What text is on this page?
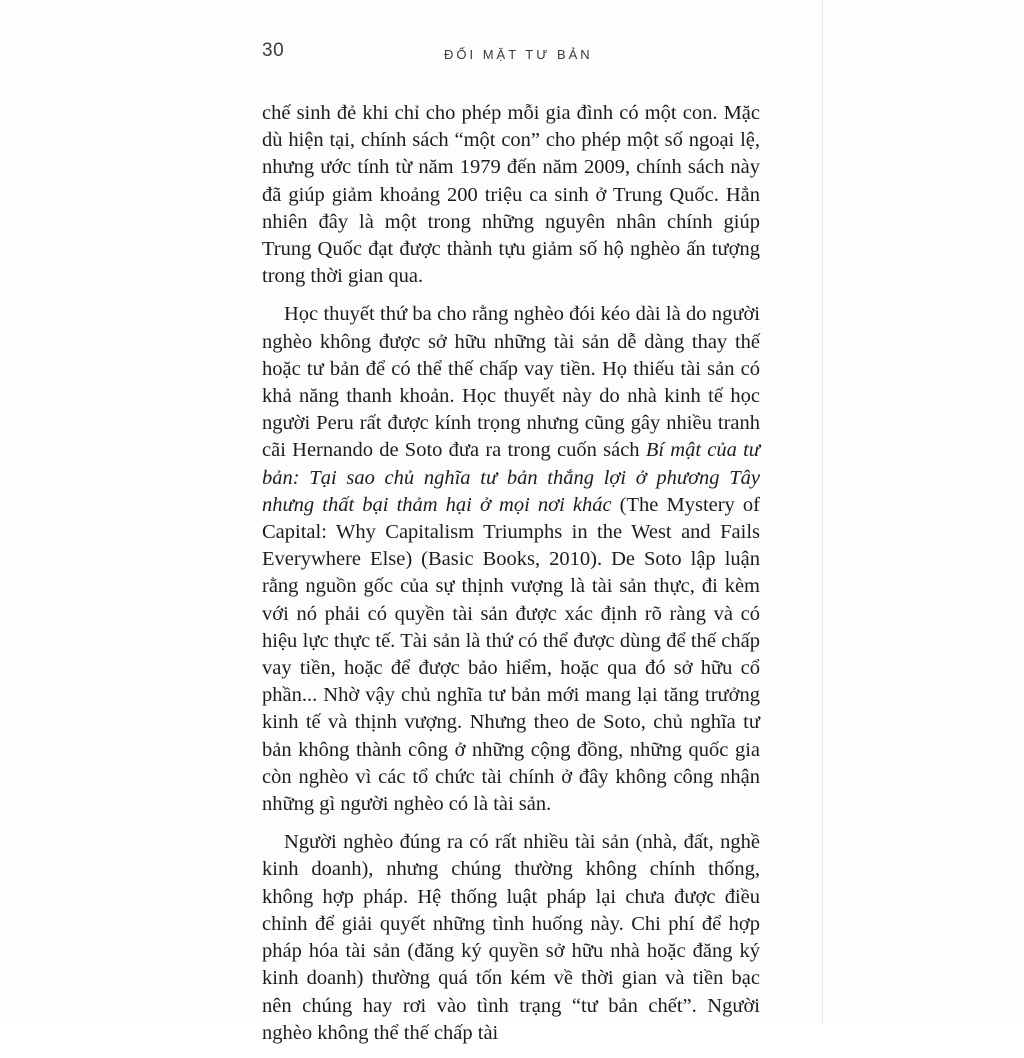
30	ĐỐI MẶT TƯ BẢN

chế sinh đẻ khi chỉ cho phép mỗi gia đình có một con. Mặc dù hiện tại, chính sách “một con” cho phép một số ngoại lệ, nhưng ước tính từ năm 1979 đến năm 2009, chính sách này đã giúp giảm khoảng 200 triệu ca sinh ở Trung Quốc. Hẳn nhiên đây là một trong những nguyên nhân chính giúp Trung Quốc đạt được thành tựu giảm số hộ nghèo ấn tượng trong thời gian qua.

Học thuyết thứ ba cho rằng nghèo đói kéo dài là do người nghèo không được sở hữu những tài sản dễ dàng thay thế hoặc tư bản để có thể thế chấp vay tiền. Họ thiếu tài sản có khả năng thanh khoản. Học thuyết này do nhà kinh tế học người Peru rất được kính trọng nhưng cũng gây nhiều tranh cãi Hernando de Soto đưa ra trong cuốn sách Bí mật của tư bản: Tại sao chủ nghĩa tư bản thắng lợi ở phương Tây nhưng thất bại thảm hại ở mọi nơi khác (The Mystery of Capital: Why Capitalism Triumphs in the West and Fails Everywhere Else) (Basic Books, 2010). De Soto lập luận rằng nguồn gốc của sự thịnh vượng là tài sản thực, đi kèm với nó phải có quyền tài sản được xác định rõ ràng và có hiệu lực thực tế. Tài sản là thứ có thể được dùng để thế chấp vay tiền, hoặc để được bảo hiểm, hoặc qua đó sở hữu cổ phần... Nhờ vậy chủ nghĩa tư bản mới mang lại tăng trưởng kinh tế và thịnh vượng. Nhưng theo de Soto, chủ nghĩa tư bản không thành công ở những cộng đồng, những quốc gia còn nghèo vì các tổ chức tài chính ở đây không công nhận những gì người nghèo có là tài sản.

Người nghèo đúng ra có rất nhiều tài sản (nhà, đất, nghề kinh doanh), nhưng chúng thường không chính thống, không hợp pháp. Hệ thống luật pháp lại chưa được điều chỉnh để giải quyết những tình huống này. Chi phí để hợp pháp hóa tài sản (đăng ký quyền sở hữu nhà hoặc đăng ký kinh doanh) thường quá tốn kém về thời gian và tiền bạc nên chúng hay rơi vào tình trạng “tư bản chết”. Người nghèo không thể thế chấp tài
